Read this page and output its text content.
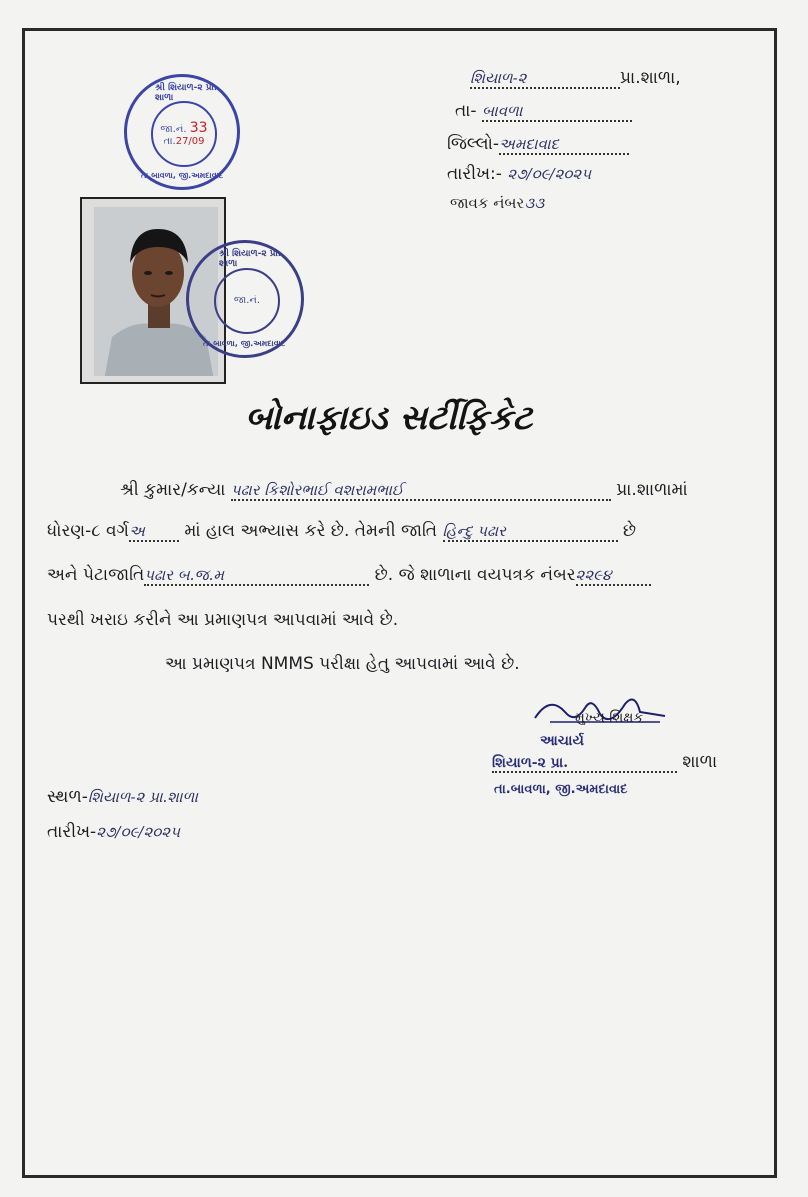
શિયાળ-૨	પ્રા.શાળા,
તા- બાવળા
જિલ્લો-અમદાવાદ
તારીખ:- ૨૭/૦૯/૨૦૨૫
જાવક નંબર૩૩
શ્રી શિયાળ-૨ પ્રા. શાળા
જા.નં. 33
તા.27/09
તા.બાવળા, જી.અમદાવાદ
શ્રી શિયાળ-૨ પ્રા. શાળા
જા.નં.
તા.બાવળા, જી.અમદાવાદ
બોનાફાઇડ સર્ટીફિકેટ
શ્રી કુમાર/કન્યા પઢાર કિશોરભાઈ વશરામભાઈ	પ્રા.શાળામાં
ધોરણ-૮ વર્ગઅ માં હાલ અભ્યાસ કરે છે. તેમની જાતિ હિન્દુ પઢાર	છે
અને પેટાજાતિપઢાર બ.જ.મ	છે. જે શાળાના વયપત્રક નંબર૨૨૯૪
પરથી ખરાઇ કરીને આ પ્રમાણપત્ર આપવામાં આવે છે.
આ પ્રમાણપત્ર NMMS પરીક્ષા હેતુ આપવામાં આવે છે.
મુખ્ય શિક્ષક
આચાર્ય
શિયાળ-૨ પ્રા.	શાળા
તા.બાવળા, જી.અમદાવાદ
સ્થળ-શિયાળ-૨ પ્રા.શાળા
તારીખ-૨૭/૦૯/૨૦૨૫
